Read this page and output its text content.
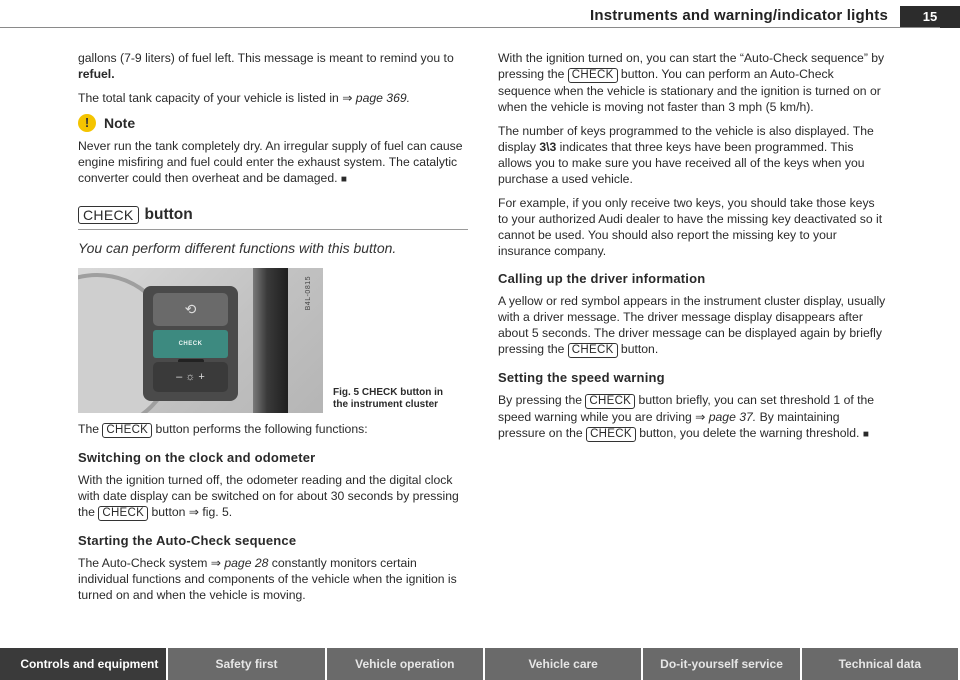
Instruments and warning/indicator lights	15

gallons (7-9 liters) of fuel left. This message is meant to remind you to refuel.

The total tank capacity of your vehicle is listed in ⇒ page 369.

!	Note

Never run the tank completely dry. An irregular supply of fuel can cause engine misfiring and fuel could enter the exhaust system. The catalytic converter could then overheat and be damaged. ■

CHECK button
You can perform different functions with this button.
⟲
CHECK
– ☼ +
B4L-0815
Fig. 5 CHECK button in the instrument cluster

The CHECK button performs the following functions:

Switching on the clock and odometer

With the ignition turned off, the odometer reading and the digital clock with date display can be switched on for about 30 seconds by pressing the CHECK button ⇒ fig. 5.

Starting the Auto-Check sequence

The Auto-Check system ⇒ page 28 constantly monitors certain individual functions and components of the vehicle when the ignition is turned on and when the vehicle is moving.

With the ignition turned on, you can start the “Auto-Check sequence” by pressing the CHECK button. You can perform an Auto-Check sequence when the vehicle is stationary and the ignition is turned on or when the vehicle is moving not faster than 3 mph (5 km/h).

The number of keys programmed to the vehicle is also displayed. The display 3\3 indicates that three keys have been programmed. This allows you to make sure you have received all of the keys when you purchase a used vehicle.

For example, if you only receive two keys, you should take those keys to your authorized Audi dealer to have the missing key deactivated so it cannot be used. You should also report the missing key to your insurance company.

Calling up the driver information

A yellow or red symbol appears in the instrument cluster display, usually with a driver message. The driver message display disappears after about 5 seconds. The driver message can be displayed again by briefly pressing the CHECK button.

Setting the speed warning

By pressing the CHECK button briefly, you can set threshold 1 of the speed warning while you are driving ⇒ page 37. By maintaining pressure on the CHECK button, you delete the warning threshold. ■

Controls and equipment	Safety first	Vehicle operation	Vehicle care	Do-it-yourself service	Technical data
